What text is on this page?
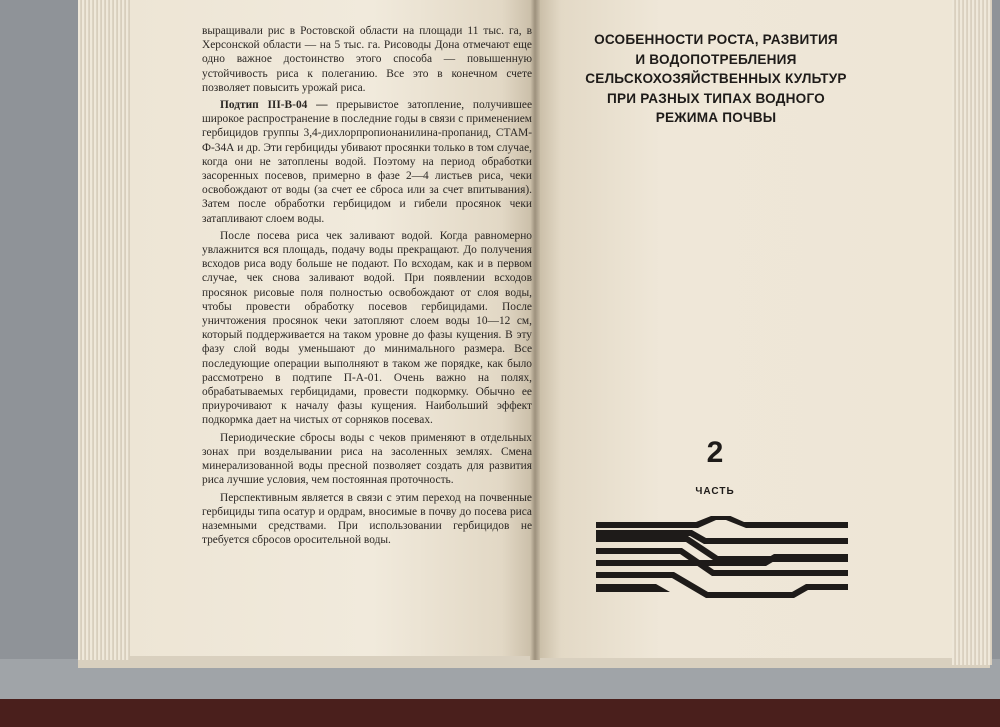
выращивали рис в Ростовской области на площади 11 тыс. га, в Херсонской области — на 5 тыс. га. Рисоводы Дона отмечают еще одно важное достоинство этого способа — повышенную устойчивость риса к полеганию. Все это в конечном счете позволяет повысить урожай риса.

Подтип III-В-04 — прерывистое затопление, получившее широкое распространение в последние годы в связи с применением гербицидов группы 3,4-дихлорпропионанилина-пропанид, СТАМ-Ф-34А и др. Эти гербициды убивают просянки только в том случае, когда они не затоплены водой. Поэтому на период обработки засоренных посевов, примерно в фазе 2—4 листьев риса, чеки освобождают от воды (за счет ее сброса или за счет впитывания). Затем после обработки гербицидом и гибели просянок чеки затапливают слоем воды.

После посева риса чек заливают водой. Когда равномерно увлажнится вся площадь, подачу воды прекращают. До получения всходов риса воду больше не подают. По всходам, как и в первом случае, чек снова заливают водой. При появлении всходов просянок рисовые поля полностью освобождают от слоя воды, чтобы провести обработку посевов гербицидами. После уничтожения просянок чеки затопляют слоем воды 10—12 см, который поддерживается на таком уровне до фазы кущения. В эту фазу слой воды уменьшают до минимального размера. Все последующие операции выполняют в таком же порядке, как было рассмотрено в подтипе П-А-01. Очень важно на полях, обрабатываемых гербицидами, провести подкормку. Обычно ее приурочивают к началу фазы кущения. Наибольший эффект подкормка дает на чистых от сорняков посевах.

Периодические сбросы воды с чеков применяют в отдельных зонах при возделывании риса на засоленных землях. Смена минерализованной воды пресной позволяет создать для развития риса лучшие условия, чем постоянная проточность.

Перспективным является в связи с этим переход на почвенные гербициды типа осатур и ордрам, вносимые в почву до посева риса наземными средствами. При использовании гербицидов не требуется сбросов оросительной воды.

ОСОБЕННОСТИ РОСТА, РАЗВИТИЯ
И ВОДОПОТРЕБЛЕНИЯ
СЕЛЬСКОХОЗЯЙСТВЕННЫХ КУЛЬТУР
ПРИ РАЗНЫХ ТИПАХ ВОДНОГО
РЕЖИМА ПОЧВЫ
2
ЧАСТЬ
